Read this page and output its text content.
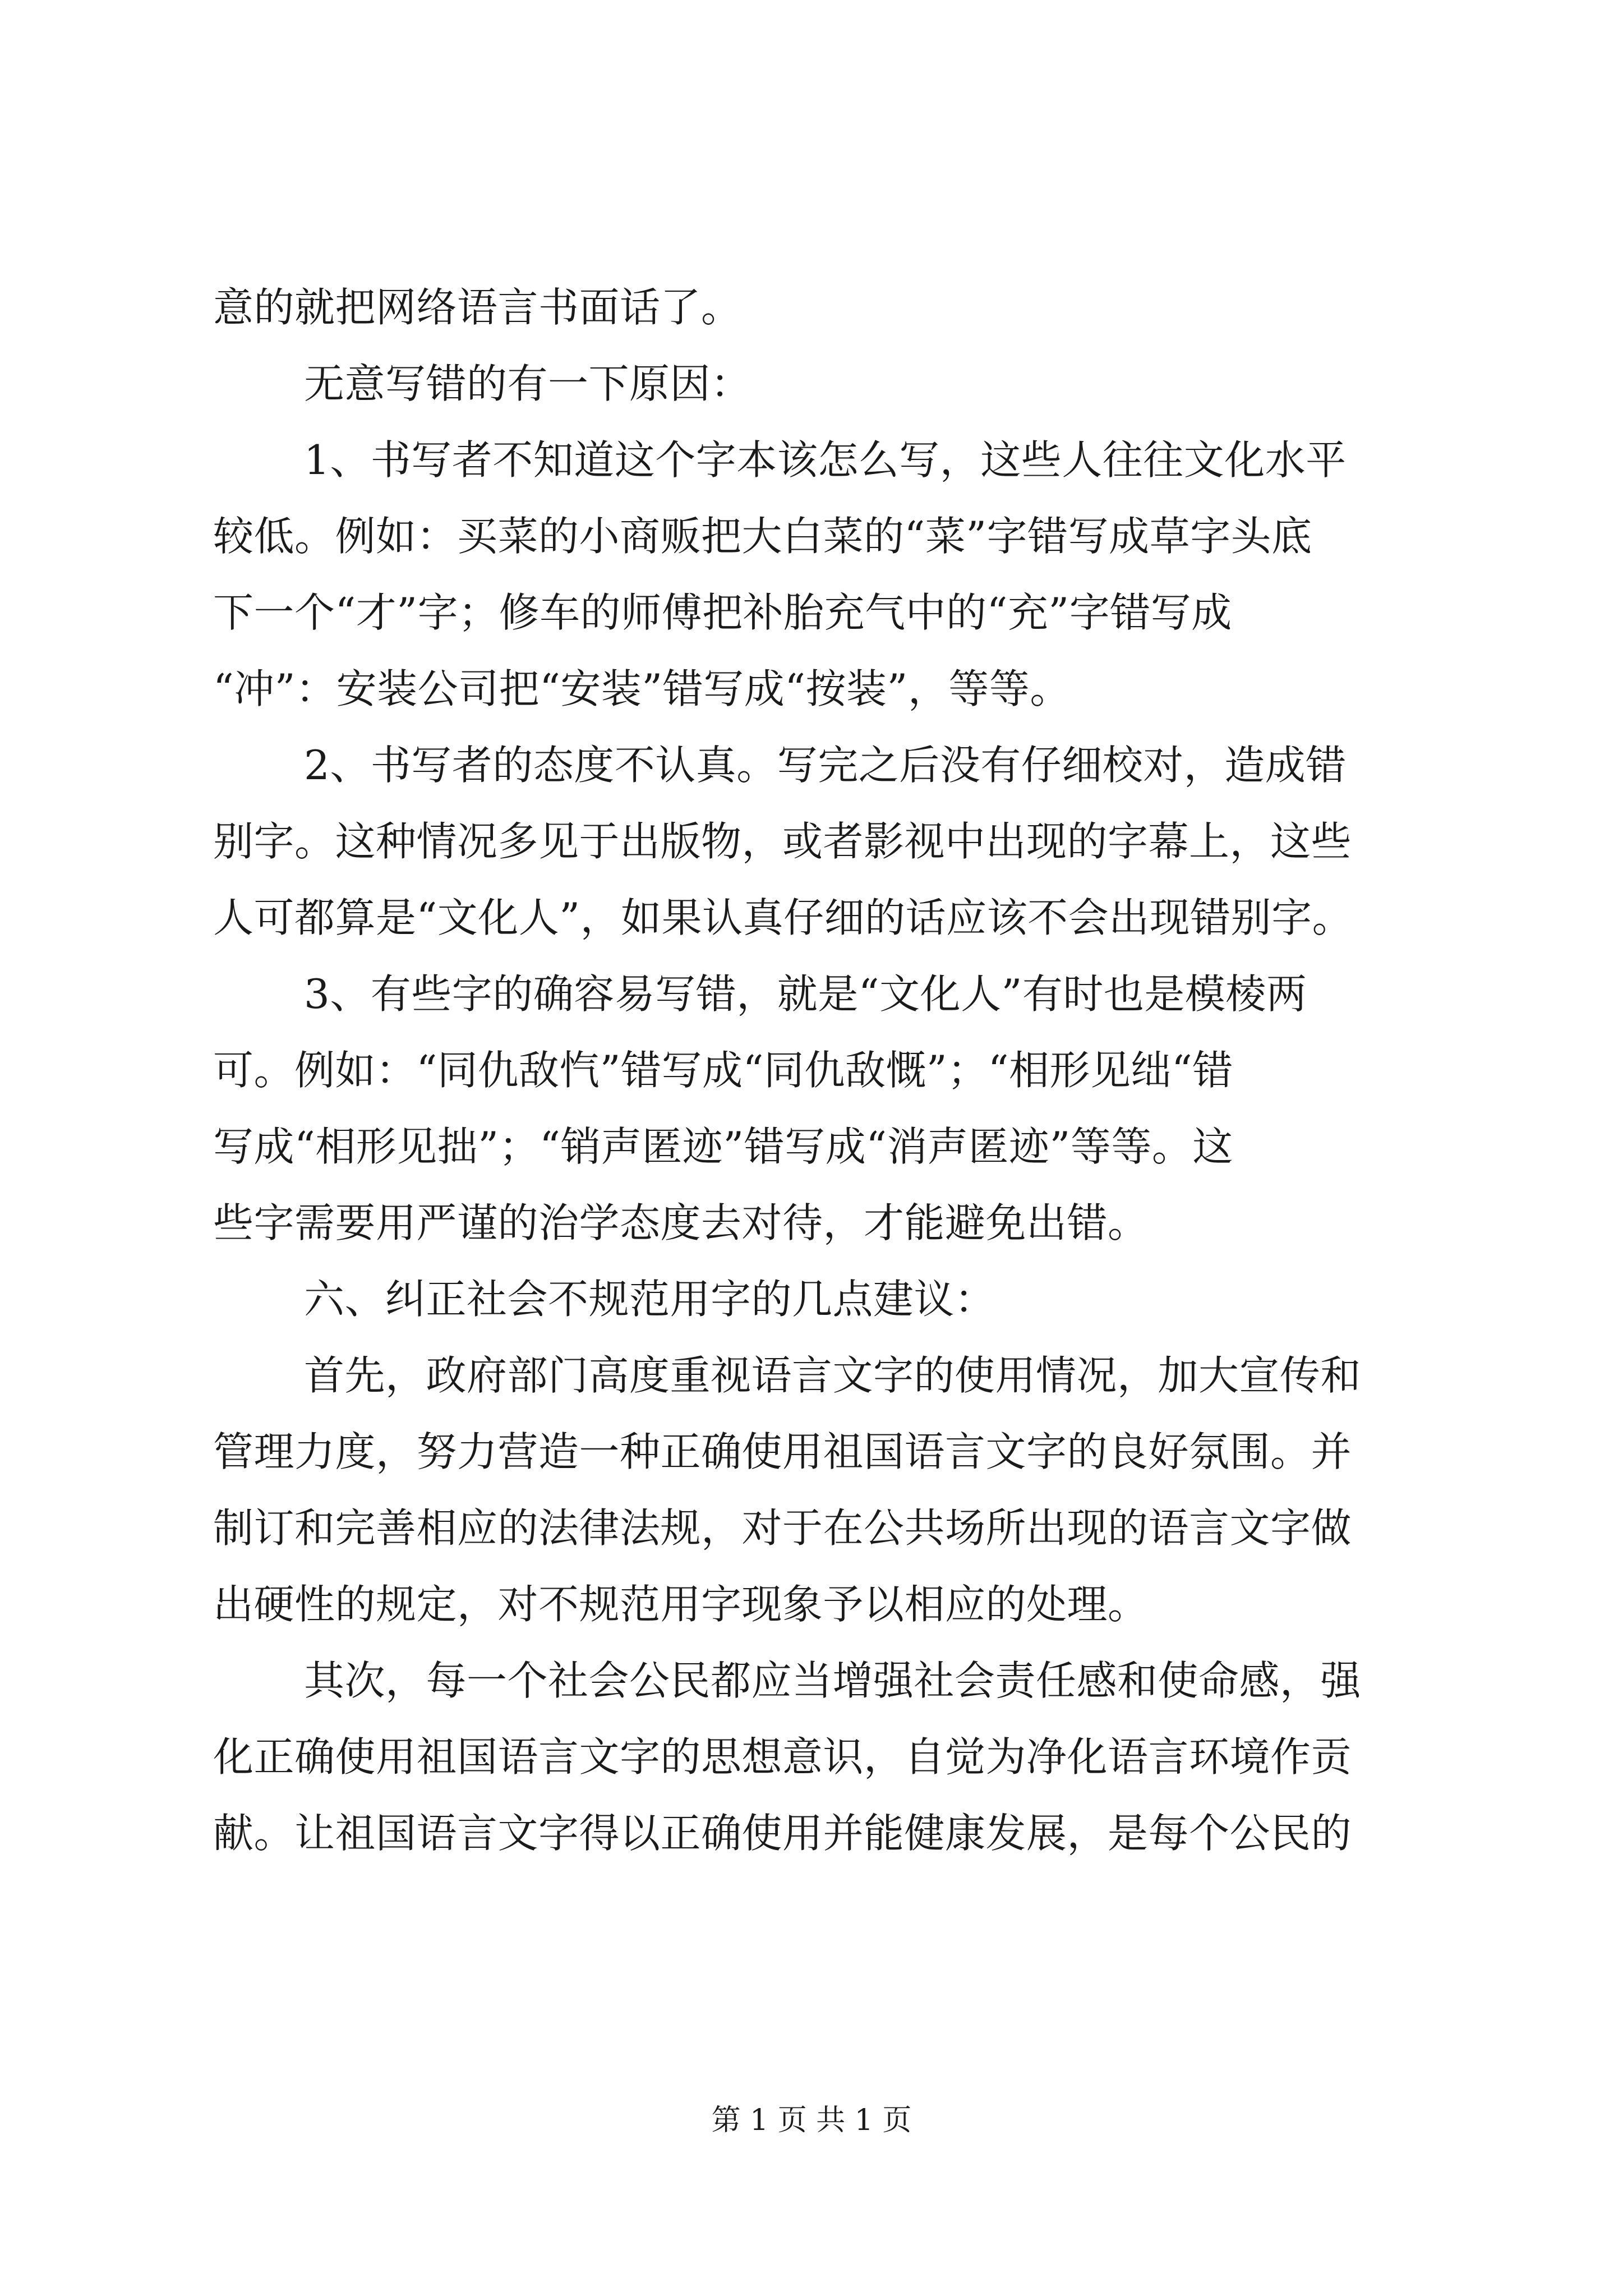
意的就把网络语言书面话了。
无意写错的有一下原因：
1、书写者不知道这个字本该怎么写，这些人往往文化水平
较低。例如：买菜的小商贩把大白菜的“菜”字错写成草字头底
下一个“才”字；修车的师傅把补胎充气中的“充”字错写成
“冲”：安装公司把“安装”错写成“按装”，等等。
2、书写者的态度不认真。写完之后没有仔细校对，造成错
别字。这种情况多见于出版物，或者影视中出现的字幕上，这些
人可都算是“文化人”，如果认真仔细的话应该不会出现错别字。
3、有些字的确容易写错，就是“文化人”有时也是模棱两
可。例如：“同仇敌忾”错写成“同仇敌慨”；“相形见绌“错
写成“相形见拙”；“销声匿迹”错写成“消声匿迹”等等。这
些字需要用严谨的治学态度去对待，才能避免出错。
六、纠正社会不规范用字的几点建议：
首先，政府部门高度重视语言文字的使用情况，加大宣传和
管理力度，努力营造一种正确使用祖国语言文字的良好氛围。并
制订和完善相应的法律法规，对于在公共场所出现的语言文字做
出硬性的规定，对不规范用字现象予以相应的处理。
其次，每一个社会公民都应当增强社会责任感和使命感，强
化正确使用祖国语言文字的思想意识，自觉为净化语言环境作贡
献。让祖国语言文字得以正确使用并能健康发展，是每个公民的
第 1 页 共 1 页
